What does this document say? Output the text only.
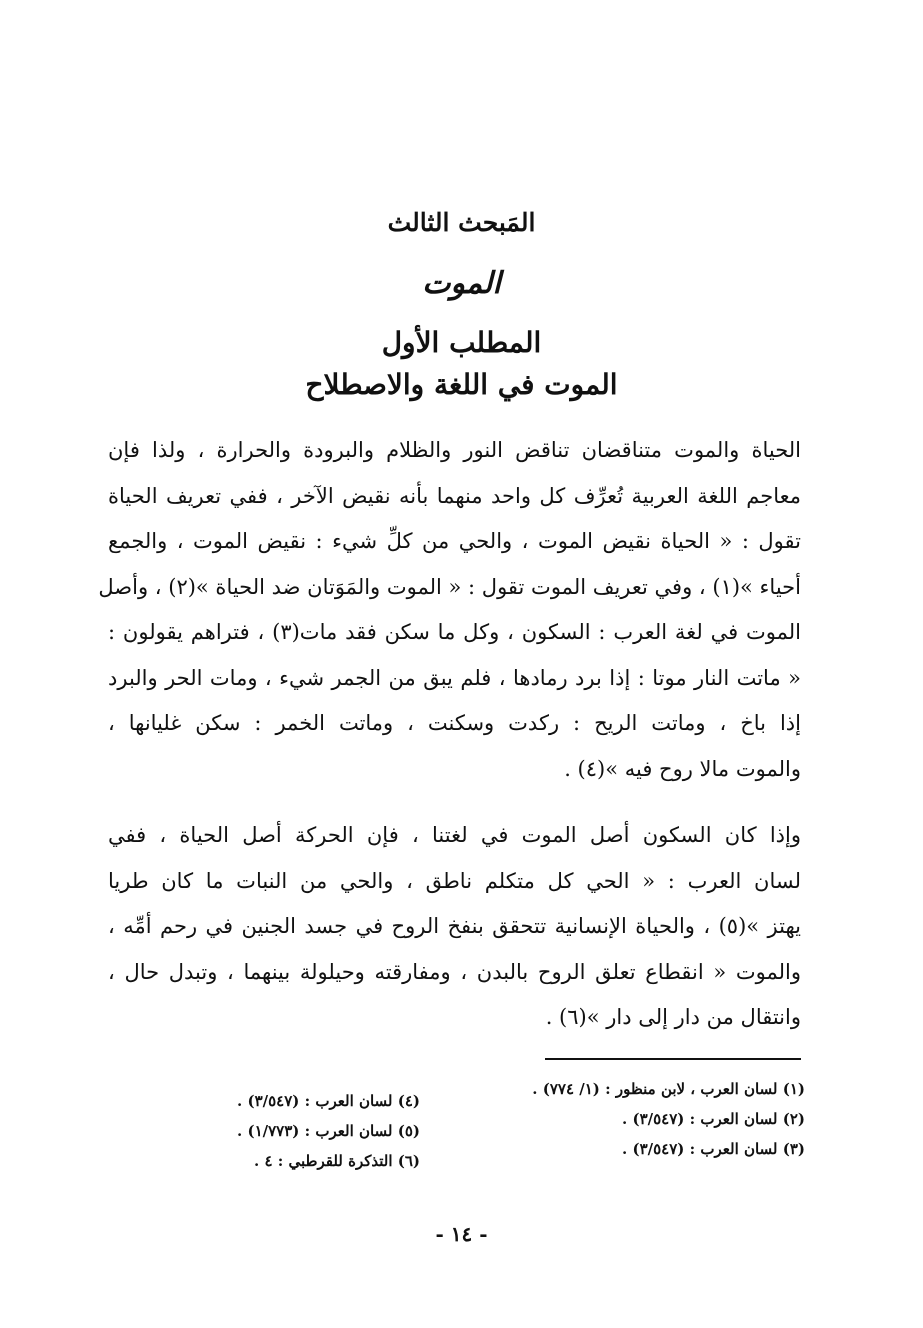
المَبحث الثالث
الموت
المطلب الأول
الموت في اللغة والاصطلاح
الحياة والموت متناقضان تناقض النور والظلام والبرودة والحرارة ، ولذا فإن
معاجم اللغة العربية تُعرِّف كل واحد منهما بأنه نقيض الآخر ، ففي تعريف الحياة
تقول : « الحياة نقيض الموت ، والحي من كلِّ شيء : نقيض الموت ، والجمع
أحياء »(١) ، وفي تعريف الموت تقول : « الموت والمَوَتان ضد الحياة »(٢) ، وأصل
الموت في لغة العرب : السكون ، وكل ما سكن فقد مات(٣) ، فتراهم يقولون :
« ماتت النار موتا : إذا برد رمادها ، فلم يبق من الجمر شيء ، ومات الحر والبرد
إذا باخ ، وماتت الريح : ركدت وسكنت ، وماتت الخمر : سكن غليانها ،
والموت مالا روح فيه »(٤) .
وإذا كان السكون أصل الموت في لغتنا ، فإن الحركة أصل الحياة ، ففي
لسان العرب : « الحي كل متكلم ناطق ، والحي من النبات ما كان طريا
يهتز »(٥) ، والحياة الإنسانية تتحقق بنفخ الروح في جسد الجنين في رحم أمِّه ،
والموت « انقطاع تعلق الروح بالبدن ، ومفارقته وحيلولة بينهما ، وتبدل حال ،
وانتقال من دار إلى دار »(٦) .
(١) لسان العرب ، لابن منظور : (١/ ٧٧٤) .
(٢) لسان العرب : (٣/٥٤٧) .
(٣) لسان العرب : (٣/٥٤٧) .
(٤) لسان العرب : (٣/٥٤٧) .
(٥) لسان العرب : (١/٧٧٣) .
(٦) التذكرة للقرطبي : ٤ .
- ١٤ -
